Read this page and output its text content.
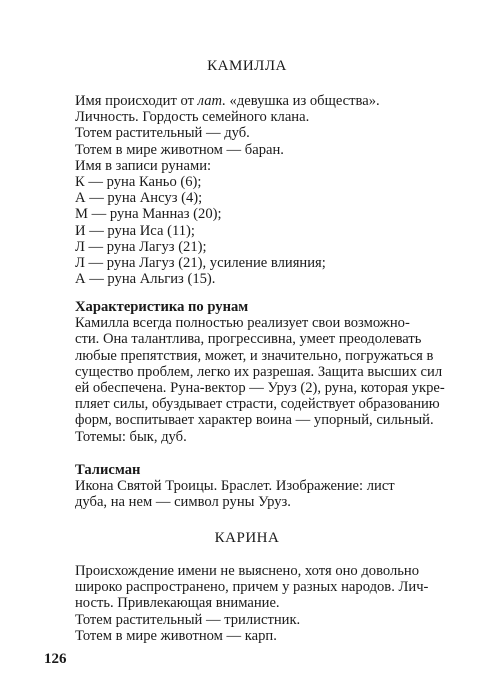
КАМИЛЛА
Имя происходит от лат. «девушка из общества».
Личность. Гордость семейного клана.
Тотем растительный — дуб.
Тотем в мире животном — баран.
Имя в записи рунами:
К — руна Каньо (6);
А — руна Ансуз (4);
М — руна Манназ (20);
И — руна Иса (11);
Л — руна Лагуз (21);
Л — руна Лагуз (21), усиление влияния;
А — руна Альгиз (15).
Характеристика по рунам
Камилла всегда полностью реализует свои возможно-
сти. Она талантлива, прогрессивна, умеет преодолевать
любые препятствия, может, и значительно, погружаться в
существо проблем, легко их разрешая. Защита высших сил
ей обеспечена. Руна-вектор — Уруз (2), руна, которая укре-
пляет силы, обуздывает страсти, содействует образованию
форм, воспитывает характер воина — упорный, сильный.
Тотемы: бык, дуб.
Талисман
Икона Святой Троицы. Браслет. Изображение: лист
дуба, на нем — символ руны Уруз.
КАРИНА
Происхождение имени не выяснено, хотя оно довольно
широко распространено, причем у разных народов. Лич-
ность. Привлекающая внимание.
Тотем растительный — трилистник.
Тотем в мире животном — карп.
126
